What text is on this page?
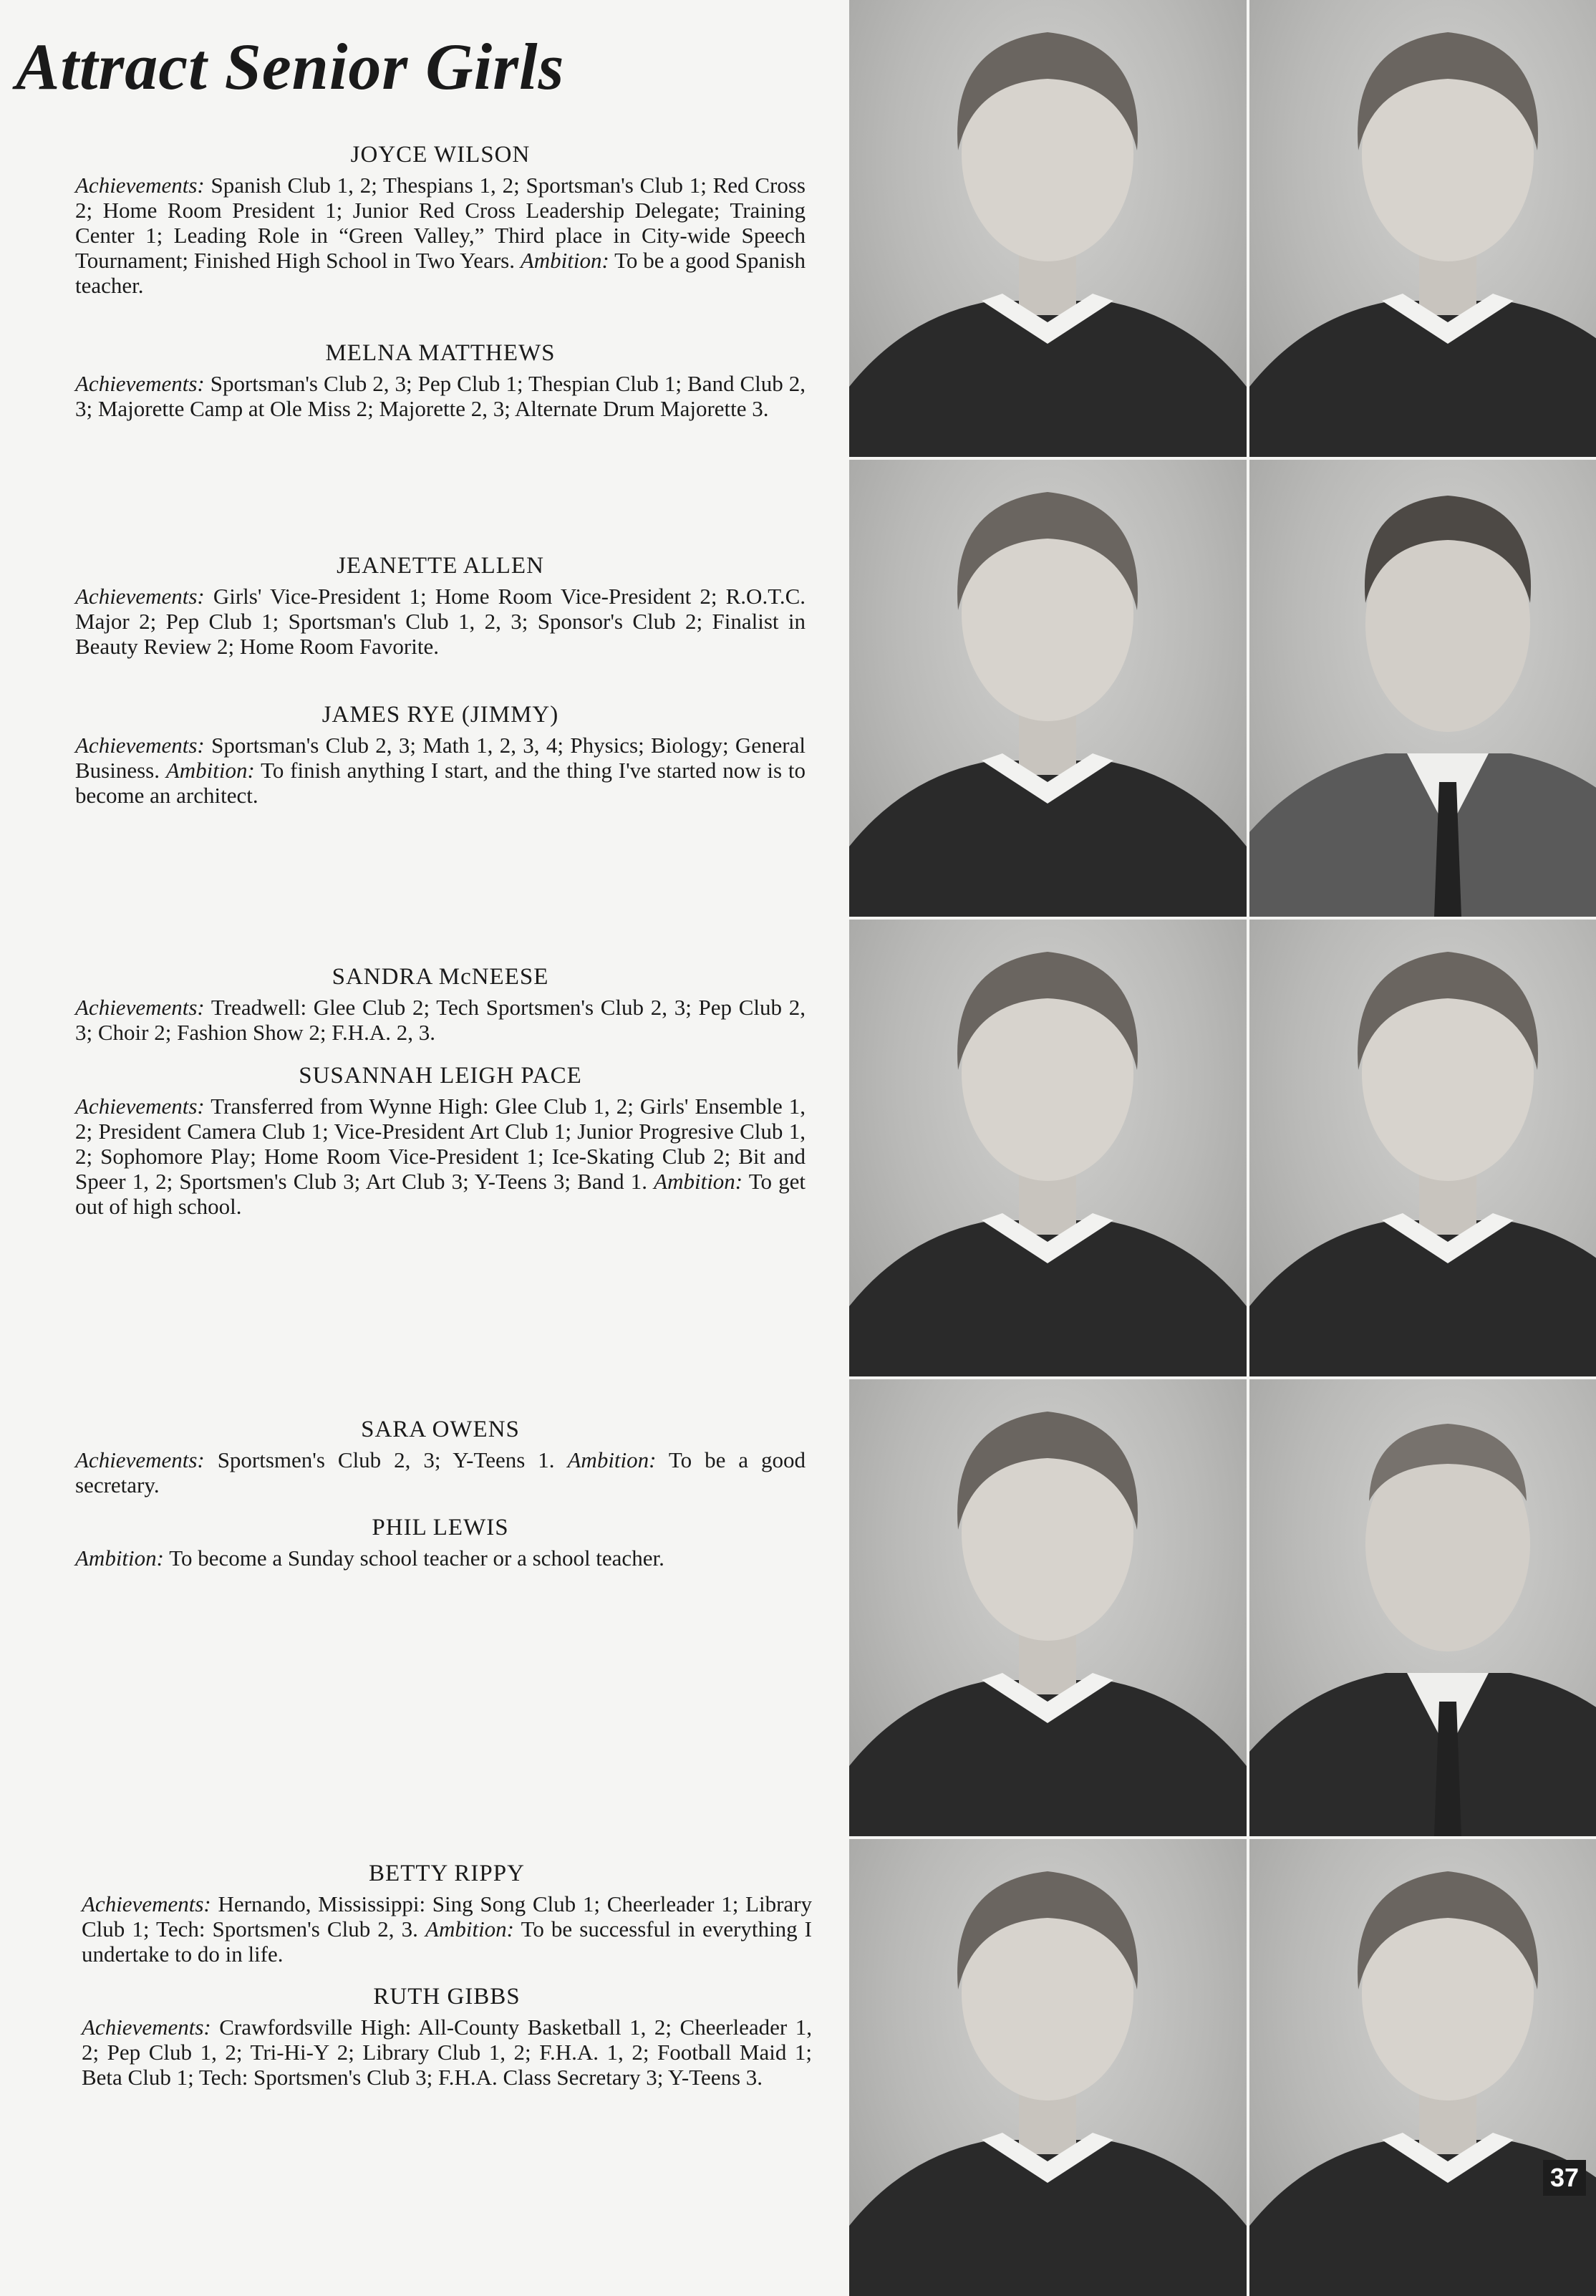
Attract Senior Girls
JOYCE WILSON
Achievements: Spanish Club 1, 2; Thespians 1, 2; Sportsman's Club 1; Red Cross 2; Home Room President 1; Junior Red Cross Leadership Delegate; Training Center 1; Leading Role in “Green Valley,” Third place in City-wide Speech Tournament; Finished High School in Two Years. Ambition: To be a good Spanish teacher.
MELNA MATTHEWS
Achievements: Sportsman's Club 2, 3; Pep Club 1; Thespian Club 1; Band Club 2, 3; Majorette Camp at Ole Miss 2; Majorette 2, 3; Alternate Drum Majorette 3.
JEANETTE ALLEN
Achievements: Girls' Vice-President 1; Home Room Vice-President 2; R.O.T.C. Major 2; Pep Club 1; Sportsman's Club 1, 2, 3; Sponsor's Club 2; Finalist in Beauty Review 2; Home Room Favorite.
JAMES RYE (JIMMY)
Achievements: Sportsman's Club 2, 3; Math 1, 2, 3, 4; Physics; Biology; General Business. Ambition: To finish anything I start, and the thing I've started now is to become an architect.
SANDRA McNEESE
Achievements: Treadwell: Glee Club 2; Tech Sportsmen's Club 2, 3; Pep Club 2, 3; Choir 2; Fashion Show 2; F.H.A. 2, 3.
SUSANNAH LEIGH PACE
Achievements: Transferred from Wynne High: Glee Club 1, 2; Girls' Ensemble 1, 2; President Camera Club 1; Vice-President Art Club 1; Junior Progresive Club 1, 2; Sophomore Play; Home Room Vice-President 1; Ice-Skating Club 2; Bit and Speer 1, 2; Sportsmen's Club 3; Art Club 3; Y-Teens 3; Band 1. Ambition: To get out of high school.
SARA OWENS
Achievements: Sportsmen's Club 2, 3; Y-Teens 1. Ambition: To be a good secretary.
PHIL LEWIS
Ambition: To become a Sunday school teacher or a school teacher.
BETTY RIPPY
Achievements: Hernando, Mississippi: Sing Song Club 1; Cheerleader 1; Library Club 1; Tech: Sportsmen's Club 2, 3. Ambition: To be successful in everything I undertake to do in life.
RUTH GIBBS
Achievements: Crawfordsville High: All-County Basketball 1, 2; Cheerleader 1, 2; Pep Club 1, 2; Tri-Hi-Y 2; Library Club 1, 2; F.H.A. 1, 2; Football Maid 1; Beta Club 1; Tech: Sportsmen's Club 3; F.H.A. Class Secretary 3; Y-Teens 3.
37
